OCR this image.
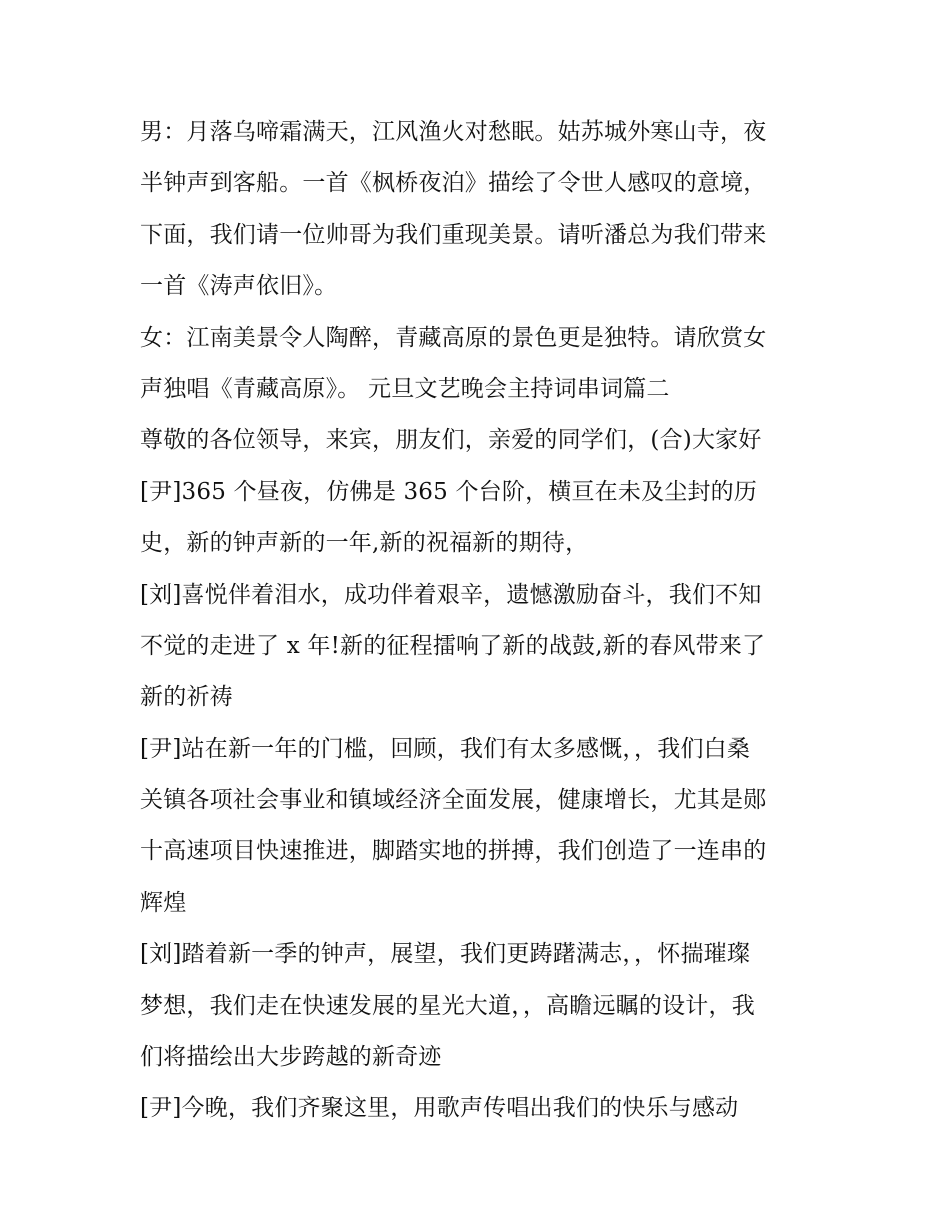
男：月落乌啼霜满天，江风渔火对愁眠。姑苏城外寒山寺，夜
半钟声到客船。一首《枫桥夜泊》描绘了令世人感叹的意境，
下面，我们请一位帅哥为我们重现美景。请听潘总为我们带来
一首《涛声依旧》。
女：江南美景令人陶醉，青藏高原的景色更是独特。请欣赏女
声独唱《青藏高原》。 元旦文艺晚会主持词串词篇二
尊敬的各位领导，来宾，朋友们，亲爱的同学们，(合)大家好
[尹]365 个昼夜，仿佛是 365 个台阶，横亘在未及尘封的历
史，新的钟声新的一年,新的祝福新的期待，
[刘]喜悦伴着泪水，成功伴着艰辛，遗憾激励奋斗，我们不知
不觉的走进了 x 年!新的征程擂响了新的战鼓,新的春风带来了
新的祈祷
[尹]站在新一年的门槛，回顾，我们有太多感慨，，我们白桑
关镇各项社会事业和镇域经济全面发展，健康增长，尤其是郧
十高速项目快速推进，脚踏实地的拼搏，我们创造了一连串的
辉煌
[刘]踏着新一季的钟声，展望，我们更踌躇满志，，怀揣璀璨
梦想，我们走在快速发展的星光大道，，高瞻远瞩的设计，我
们将描绘出大步跨越的新奇迹
[尹]今晚，我们齐聚这里，用歌声传唱出我们的快乐与感动
